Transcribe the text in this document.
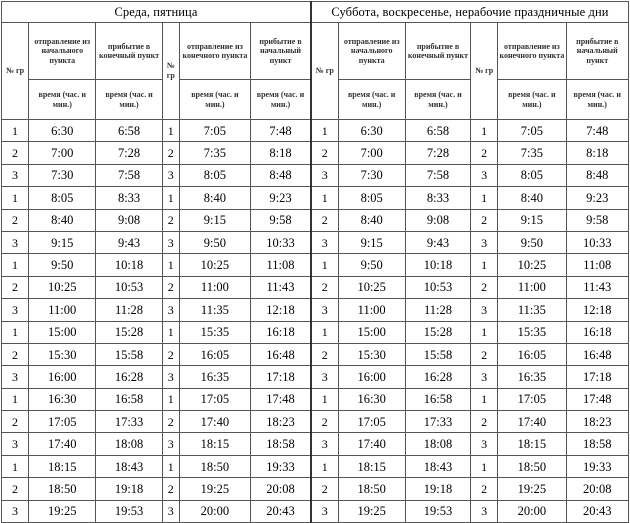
Среда, пятница						Суббота, воскресенье, нерабочие праздничные дни					
№ гр	отправление из начального пункта	прибытие в конечный пункт	№ гр	отправление из конечного пункта	прибытие в начальный пункт	№ гр	отправление из начального пункта	прибытие в конечный пункт	№ гр	отправление из конечного пункта	прибытие в начальный пункт
	время (час. и мин.)	время (час. и мин.)		время (час. и мин.)	время (час. и мин.)		время (час. и мин.)	время (час. и мин.)		время (час. и мин.)	время (час. и мин.)
1	6:30	6:58	1	7:05	7:48	1	6:30	6:58	1	7:05	7:48
2	7:00	7:28	2	7:35	8:18	2	7:00	7:28	2	7:35	8:18
3	7:30	7:58	3	8:05	8:48	3	7:30	7:58	3	8:05	8:48
1	8:05	8:33	1	8:40	9:23	1	8:05	8:33	1	8:40	9:23
2	8:40	9:08	2	9:15	9:58	2	8:40	9:08	2	9:15	9:58
3	9:15	9:43	3	9:50	10:33	3	9:15	9:43	3	9:50	10:33
1	9:50	10:18	1	10:25	11:08	1	9:50	10:18	1	10:25	11:08
2	10:25	10:53	2	11:00	11:43	2	10:25	10:53	2	11:00	11:43
3	11:00	11:28	3	11:35	12:18	3	11:00	11:28	3	11:35	12:18
1	15:00	15:28	1	15:35	16:18	1	15:00	15:28	1	15:35	16:18
2	15:30	15:58	2	16:05	16:48	2	15:30	15:58	2	16:05	16:48
3	16:00	16:28	3	16:35	17:18	3	16:00	16:28	3	16:35	17:18
1	16:30	16:58	1	17:05	17:48	1	16:30	16:58	1	17:05	17:48
2	17:05	17:33	2	17:40	18:23	2	17:05	17:33	2	17:40	18:23
3	17:40	18:08	3	18:15	18:58	3	17:40	18:08	3	18:15	18:58
1	18:15	18:43	1	18:50	19:33	1	18:15	18:43	1	18:50	19:33
2	18:50	19:18	2	19:25	20:08	2	18:50	19:18	2	19:25	20:08
3	19:25	19:53	3	20:00	20:43	3	19:25	19:53	3	20:00	20:43
